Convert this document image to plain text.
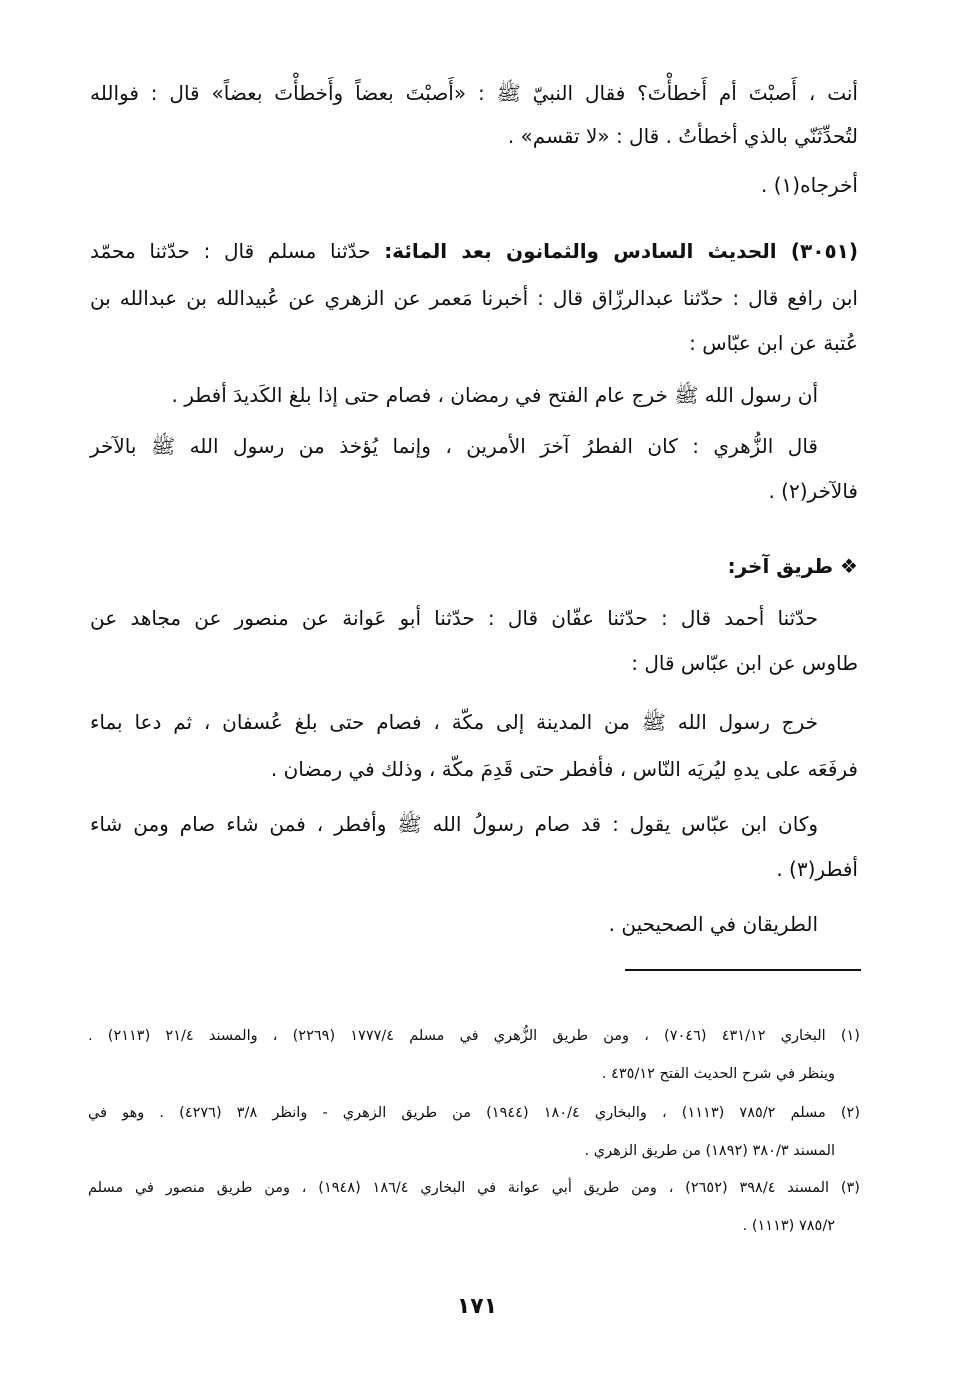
أنت ، أَصبْتَ أم أَخطأْتَ؟ فقال النبيّ ﷺ : «أَصبْتَ بعضاً وأَخطأْتَ بعضاً» قال : فوالله
لتُحدِّثَنّي بالذي أخطأتُ . قال : «لا تقسم» .
أخرجاه(١) .
(٣٠٥١) الحديث السادس والثمانون بعد المائة: حدّثنا مسلم قال : حدّثنا محمّد
ابن رافع قال : حدّثنا عبدالرزّاق قال : أخبرنا مَعمر عن الزهري عن عُبيدالله بن عبدالله بن
عُتبة عن ابن عبّاس :
أن رسول الله ﷺ خرج عام الفتح في رمضان ، فصام حتى إذا بلغ الكَديدَ أفطر .
قال الزُّهري : كان الفطرُ آخرَ الأمرين ، وإنما يُؤخذ من رسول الله ﷺ بالآخر
فالآخر(٢) .
❖ طريق آخر:
حدّثنا أحمد قال : حدّثنا عفّان قال : حدّثنا أبو عَوانة عن منصور عن مجاهد عن
طاوس عن ابن عبّاس قال :
خرج رسول الله ﷺ من المدينة إلى مكّة ، فصام حتى بلغ عُسفان ، ثم دعا بماء
فرفَعَه على يدهِ ليُريَه النّاس ، فأفطر حتى قَدِمَ مكّة ، وذلك في رمضان .
وكان ابن عبّاس يقول : قد صام رسولُ الله ﷺ وأفطر ، فمن شاء صام ومن شاء
أفطر(٣) .
الطريقان في الصحيحين .
(١) البخاري ٤٣١/١٢ (٧٠٤٦) ، ومن طريق الزُّهري في مسلم ١٧٧٧/٤ (٢٢٦٩) ، والمسند ٢١/٤ (٢١١٣) .
وينظر في شرح الحديث الفتح ٤٣٥/١٢ .
(٢) مسلم ٧٨٥/٢ (١١١٣) ، والبخاري ١٨٠/٤ (١٩٤٤) من طريق الزهري - وانظر ٣/٨ (٤٢٧٦) . وهو في
المسند ٣٨٠/٣ (١٨٩٢) من طريق الزهري .
(٣) المسند ٣٩٨/٤ (٢٦٥٢) ، ومن طريق أبي عوانة في البخاري ١٨٦/٤ (١٩٤٨) ، ومن طريق منصور في مسلم
٧٨٥/٢ (١١١٣) .
١٧١
